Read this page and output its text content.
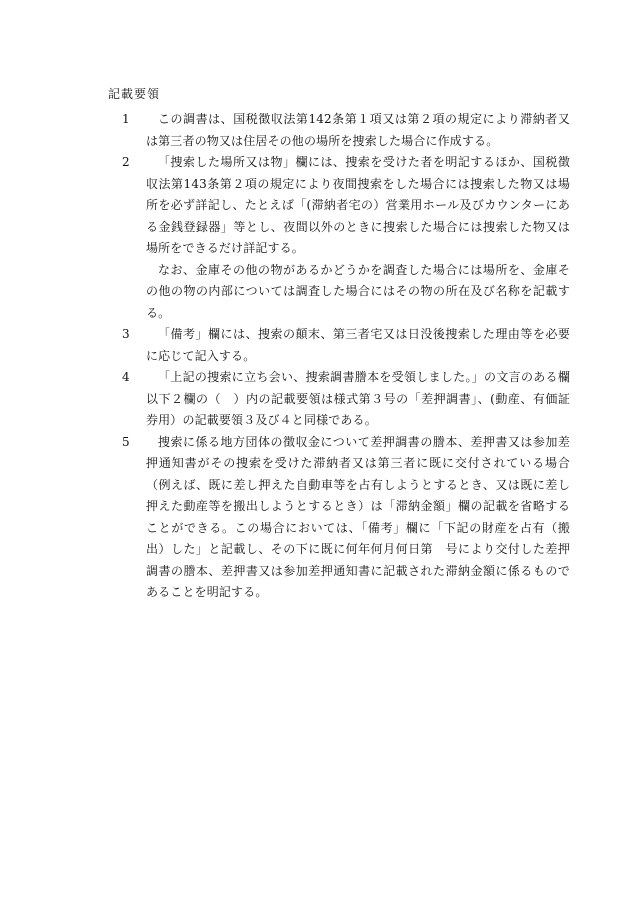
記載要領
1	この調書は、国税徴収法第142条第１項又は第２項の規定により滞納者又は第三者の物又は住居その他の場所を捜索した場合に作成する。
2	「捜索した場所又は物」欄には、捜索を受けた者を明記するほか、国税徴収法第143条第２項の規定により夜間捜索をした場合には捜索した物又は場所を必ず詳記し、たとえば「(滞納者宅の）営業用ホール及びカウンターにある金銭登録器」等とし、夜間以外のときに捜索した場合には捜索した物又は場所をできるだけ詳記する。
なお、金庫その他の物があるかどうかを調査した場合には場所を、金庫その他の物の内部については調査した場合にはその物の所在及び名称を記載する。
3	「備考」欄には、捜索の顛末、第三者宅又は日没後捜索した理由等を必要に応じて記入する。
4	「上記の捜索に立ち会い、捜索調書謄本を受領しました。」の文言のある欄以下２欄の（　）内の記載要領は様式第３号の「差押調書」、(動産、有価証券用）の記載要領３及び４と同様である。
5	捜索に係る地方団体の徴収金について差押調書の謄本、差押書又は参加差押通知書がその捜索を受けた滞納者又は第三者に既に交付されている場合（例えば、既に差し押えた自動車等を占有しようとするとき、又は既に差し押えた動産等を搬出しようとするとき）は「滞納金額」欄の記載を省略することができる。この場合においては、「備考」欄に「下記の財産を占有（搬出）した」と記載し、その下に既に何年何月何日第　号により交付した差押調書の謄本、差押書又は参加差押通知書に記載された滞納金額に係るものであることを明記する。
